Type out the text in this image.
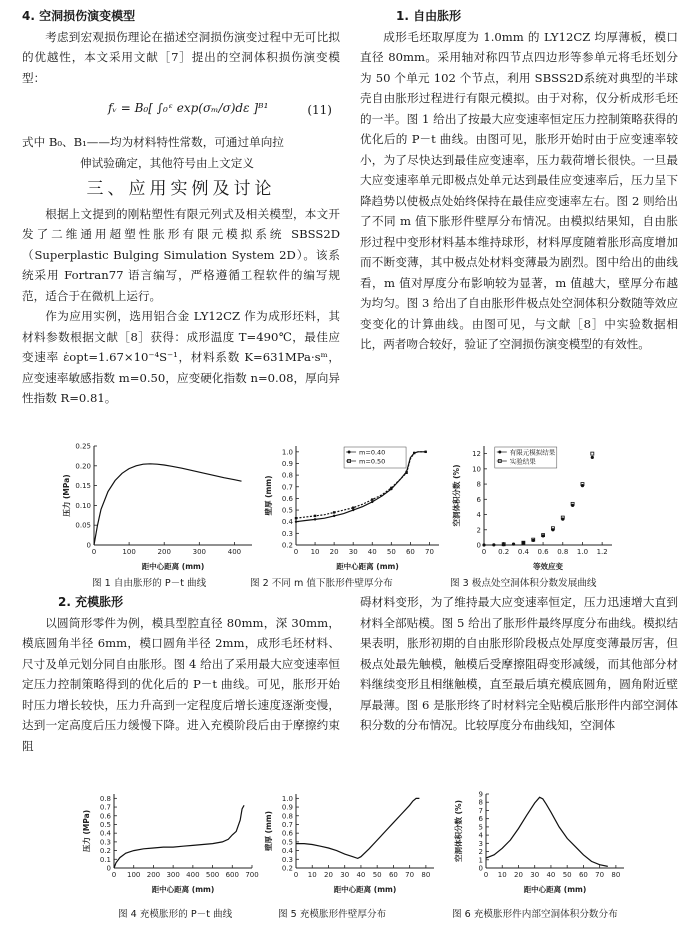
4. 空洞损伤演变模型

考虑到宏观损伤理论在描述空洞损伤演变过程中无可比拟的优越性，本文采用文献［7］提出的空洞体积损伤演变模型：

fᵥ = B₀[ ∫₀ᵋ exp(σₘ/σ)dε ]ᴮ¹	(11)

式中 B₀、B₁——均为材料特性常数，可通过单向拉
伸试验确定，其他符号由上文定义

三、应用实例及讨论

根据上文提到的刚粘塑性有限元列式及相关模型，本文开发了二维通用超塑性胀形有限元模拟系统 SBSS2D（Superplastic Bulging Simulation System 2D）。该系统采用 Fortran77 语言编写，严格遵循工程软件的编写规范，适合于在微机上运行。

作为应用实例，选用铝合金 LY12CZ 作为成形坯料，其材料参数根据文献［8］获得：成形温度 T=490℃，最佳应变速率 ε̇opt=1.67×10⁻⁴S⁻¹，材料系数 K=631MPa·sᵐ，应变速率敏感指数 m=0.50，应变硬化指数 n=0.08，厚向异性指数 R=0.81。

1. 自由胀形

成形毛坯取厚度为 1.0mm 的 LY12CZ 均厚薄板，模口直径 80mm。采用轴对称四节点四边形等参单元将毛坯划分为 50 个单元 102 个节点，利用 SBSS2D系统对典型的半球壳自由胀形过程进行有限元模拟。由于对称，仅分析成形毛坯的一半。图 1 给出了按最大应变速率恒定压力控制策略获得的优化后的 P－t 曲线。由图可见，胀形开始时由于应变速率较小，为了尽快达到最佳应变速率，压力载荷增长很快。一旦最大应变速率单元即极点处单元达到最佳应变速率后，压力呈下降趋势以使极点处始终保持在最佳应变速率左右。图 2 则给出了不同 m 值下胀形件壁厚分布情况。由模拟结果知，自由胀形过程中变形材料基本维持球形，材料厚度随着胀形高度增加而不断变薄，其中极点处材料变薄最为剧烈。图中给出的曲线看，m 值对厚度分布影响较为显著，m 值越大，壁厚分布越为均匀。图 3 给出了自由胀形件极点处空洞体积分数随等效应变变化的计算曲线。由图可见，与文献［8］中实验数据相比，两者吻合较好，验证了空洞损伤演变模型的有效性。

0	100	200	300	400
0
0.05
0.10
0.15
0.20
0.25
距中心距离 (mm)
压力 (MPa)
0 10 20 30 40 50 60 70
0.2
0.3
0.4
0.5
0.6
0.7
0.8
0.9
1.0
距中心距离 (mm)
壁厚 (mm)
m=0.40
m=0.50
0 0.2 0.4 0.6 0.8 1.0 1.2
0
2
4
6
8
10
12
等效应变
空洞体积分数 (%)
有限元模拟结果
实验结果
图 1 自由胀形的 P－t 曲线	图 2 不同 m 值下胀形件壁厚分布	图 3 极点处空洞体积分数发展曲线

2. 充模胀形

以圆筒形零件为例，模具型腔直径 80mm，深 30mm，模底圆角半径 6mm，模口圆角半径 2mm，成形毛坯材料、尺寸及单元划分同自由胀形。图 4 给出了采用最大应变速率恒定压力控制策略得到的优化后的 P－t 曲线。可见，胀形开始时压力增长较快，压力升高到一定程度后增长速度逐渐变慢，达到一定高度后压力缓慢下降。进入充模阶段后由于摩擦约束阻

碍材料变形，为了维持最大应变速率恒定，压力迅速增大直到材料全部贴模。图 5 给出了胀形件最终厚度分布曲线。模拟结果表明，胀形初期的自由胀形阶段极点处厚度变薄最厉害，但极点处最先触模，触模后受摩擦阻碍变形减缓，而其他部分材料继续变形且相继触模，直至最后填充模底圆角，圆角附近壁厚最薄。图 6 是胀形终了时材料完全贴模后胀形件内部空洞体积分数的分布情况。比较厚度分布曲线知，空洞体

0 100 200 300 400 500 600 700
0
0.1
0.2
0.3
0.4
0.5
0.6
0.7
0.8
距中心距离 (mm)
压力 (MPa)
0 10 20 30 40 50 60 70 80
0.2
0.3
0.4
0.5
0.6
0.7
0.8
0.9
1.0
距中心距离 (mm)
壁厚 (mm)
0 10 20 30 40 50 60 70 80
0
1
2
3
4
5
6
7
8
9
距中心距离 (mm)
空洞体积分数 (%)
图 4 充模胀形的 P－t 曲线	图 5 充模胀形件壁厚分布	图 6 充模胀形件内部空洞体积分数分布
